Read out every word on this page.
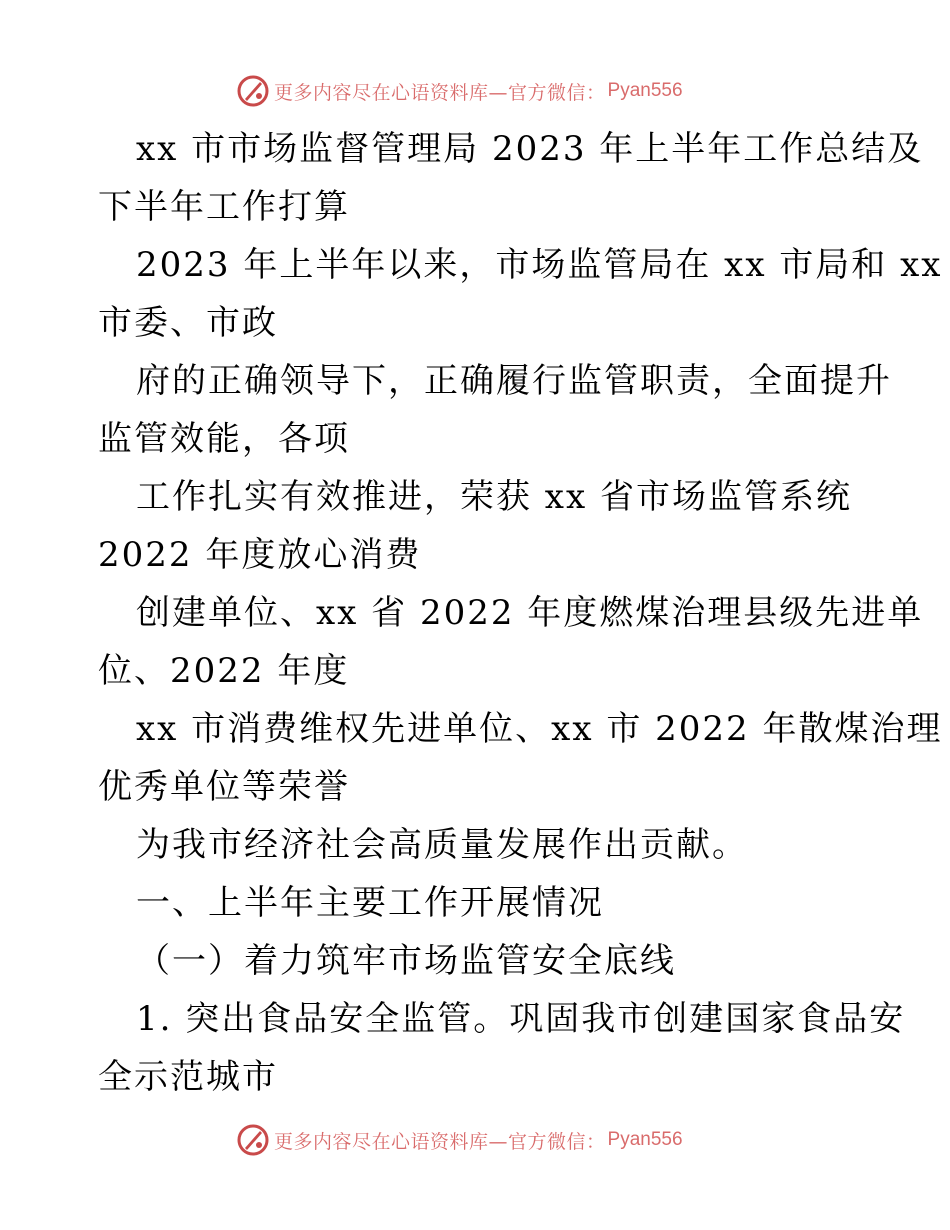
更多内容尽在心语资料库—官方微信： Pyan556
xx 市市场监督管理局 2023 年上半年工作总结及
下半年工作打算
2023 年上半年以来，市场监管局在 xx 市局和 xx
市委、市政
府的正确领导下，正确履行监管职责，全面提升
监管效能，各项
工作扎实有效推进，荣获 xx 省市场监管系统
2022 年度放心消费
创建单位、xx 省 2022 年度燃煤治理县级先进单
位、2022 年度
xx 市消费维权先进单位、xx 市 2022 年散煤治理
优秀单位等荣誉
为我市经济社会高质量发展作出贡献。
一、上半年主要工作开展情况
（一）着力筑牢市场监管安全底线
1. 突出食品安全监管。巩固我市创建国家食品安
全示范城市
更多内容尽在心语资料库—官方微信： Pyan556
